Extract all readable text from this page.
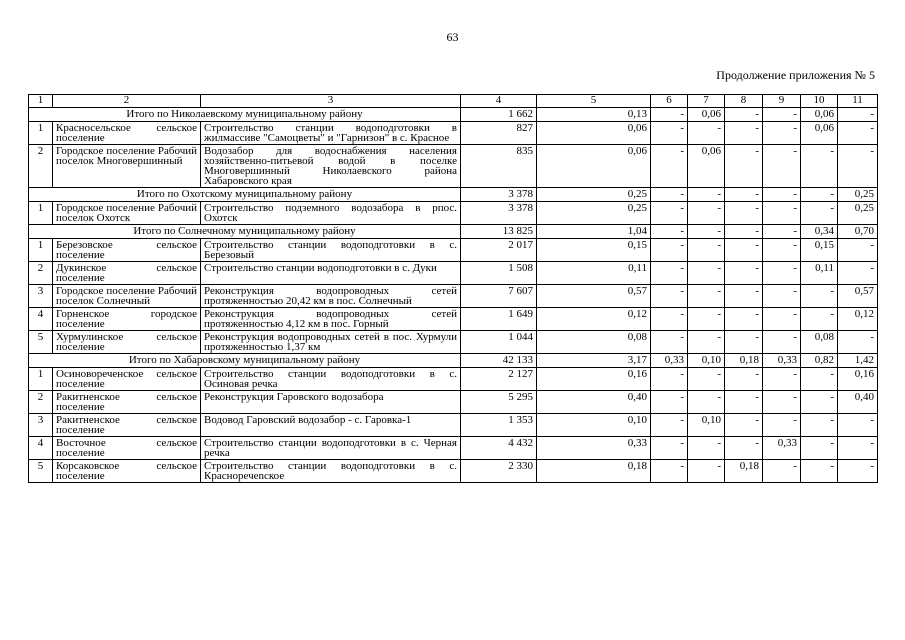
63
Продолжение приложения № 5
1	2	3	4	5	6	7	8	9	10	11
Итого по Николаевскому муниципальному району			1 662	0,13	-	0,06	-	-	0,06	-
1	Красносельское сельское поселение	Строительство станции водоподготовки в жилмассиве "Самоцветы" и "Гарнизон" в с. Красное	827	0,06	-	-	-	-	0,06	-
2	Городское поселение Рабочий поселок Многовершинный	Водозабор для водоснабжения населения хозяйственно-питьевой водой в поселке Многовершинный Николаевского района Хабаровского края	835	0,06	-	0,06	-	-	-	-
Итого по Охотскому муниципальному району			3 378	0,25	-	-	-	-	-	0,25
1	Городское поселение Рабочий поселок Охотск	Строительство подземного водозабора в рпос. Охотск	3 378	0,25	-	-	-	-	-	0,25
Итого по Солнечному муниципальному району			13 825	1,04	-	-	-	-	0,34	0,70
1	Березовское сельское поселение	Строительство станции водоподготовки в с. Березовый	2 017	0,15	-	-	-	-	0,15	-
2	Дукинское сельское поселение	Строительство станции водоподготовки в с. Дуки	1 508	0,11	-	-	-	-	0,11	-
3	Городское поселение Рабочий поселок Солнечный	Реконструкция водопроводных сетей протяженностью 20,42 км в пос. Солнечный	7 607	0,57	-	-	-	-	-	0,57
4	Горненское городское поселение	Реконструкция водопроводных сетей протяженностью 4,12 км в пос. Горный	1 649	0,12	-	-	-	-	-	0,12
5	Хурмулинское сельское поселение	Реконструкция водопроводных сетей в пос. Хурмули протяженностью 1,37 км	1 044	0,08	-	-	-	-	0,08	-
Итого по Хабаровскому муниципальному району			42 133	3,17	0,33	0,10	0,18	0,33	0,82	1,42
1	Осиновореченское сельское поселение	Строительство станции водоподготовки в с. Осиновая речка	2 127	0,16	-	-	-	-	-	0,16
2	Ракитненское сельское поселение	Реконструкция Гаровского водозабора	5 295	0,40	-	-	-	-	-	0,40
3	Ракитненское сельское поселение	Водовод Гаровский водозабор - с. Гаровка-1	1 353	0,10	-	0,10	-	-	-	-
4	Восточное сельское поселение	Строительство станции водоподготовки в с. Черная речка	4 432	0,33	-	-	-	0,33	-	-
5	Корсаковское сельское поселение	Строительство станции водоподготовки в с. Красноречenское	2 330	0,18	-	-	0,18	-	-	-
